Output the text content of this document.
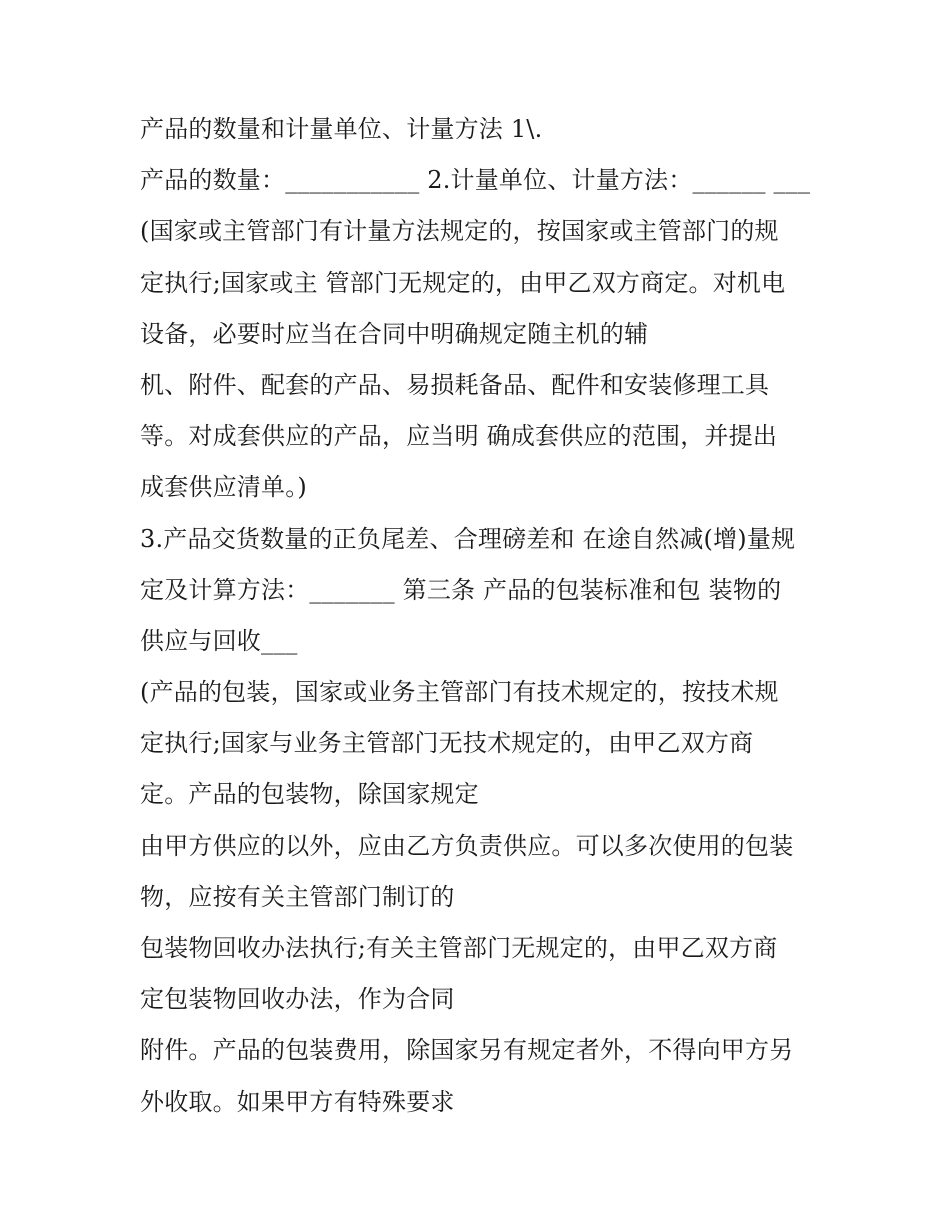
产品的数量和计量单位、计量方法 1\.
产品的数量：___________ 2.计量单位、计量方法：______ ___
(国家或主管部门有计量方法规定的，按国家或主管部门的规
定执行;国家或主 管部门无规定的，由甲乙双方商定。对机电
设备，必要时应当在合同中明确规定随主机的辅
机、附件、配套的产品、易损耗备品、配件和安装修理工具
等。对成套供应的产品，应当明 确成套供应的范围，并提出
成套供应清单。)
3.产品交货数量的正负尾差、合理磅差和 在途自然减(增)量规
定及计算方法：_______ 第三条 产品的包装标准和包 装物的
供应与回收___
(产品的包装，国家或业务主管部门有技术规定的，按技术规
定执行;国家与业务主管部门无技术规定的，由甲乙双方商
定。产品的包装物，除国家规定
由甲方供应的以外，应由乙方负责供应。可以多次使用的包装
物，应按有关主管部门制订的
包装物回收办法执行;有关主管部门无规定的，由甲乙双方商
定包装物回收办法，作为合同
附件。产品的包装费用，除国家另有规定者外，不得向甲方另
外收取。如果甲方有特殊要求
